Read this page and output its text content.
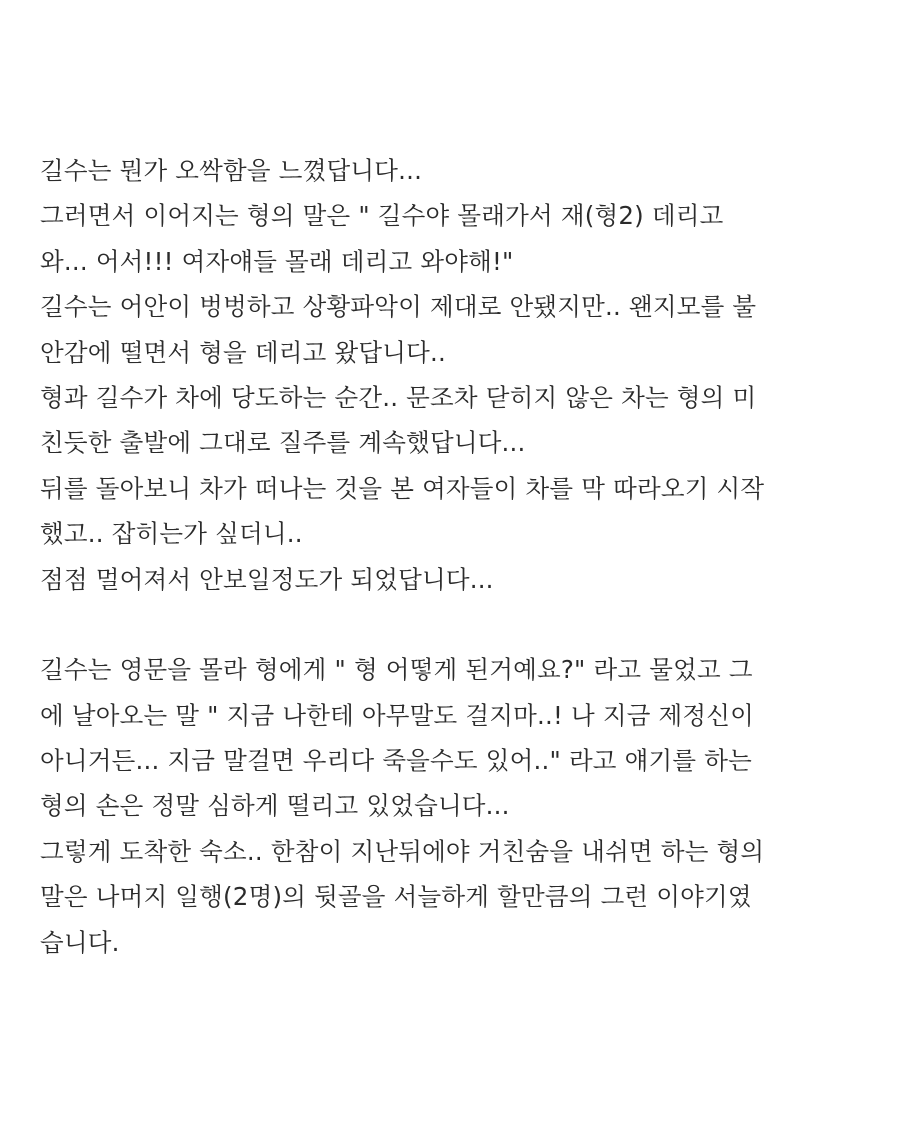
길수는 뭔가 오싹함을 느꼈답니다...
그러면서 이어지는 형의 말은 " 길수야 몰래가서 재(형2) 데리고
와... 어서!!! 여자얘들 몰래 데리고 와야해!"
길수는 어안이 벙벙하고 상황파악이 제대로 안됐지만.. 왠지모를 불
안감에 떨면서 형을 데리고 왔답니다..
형과 길수가 차에 당도하는 순간.. 문조차 닫히지 않은 차는 형의 미
친듯한 출발에 그대로 질주를 계속했답니다...
뒤를 돌아보니 차가 떠나는 것을 본 여자들이 차를 막 따라오기 시작
했고.. 잡히는가 싶더니..
점점 멀어져서 안보일정도가 되었답니다...
길수는 영문을 몰라 형에게 " 형 어떻게 된거예요?" 라고 물었고 그
에 날아오는 말 " 지금 나한테 아무말도 걸지마..! 나 지금 제정신이
아니거든... 지금 말걸면 우리다 죽을수도 있어.." 라고 얘기를 하는
형의 손은 정말 심하게 떨리고 있었습니다...
그렇게 도착한 숙소.. 한참이 지난뒤에야 거친숨을 내쉬면 하는 형의
말은 나머지 일행(2명)의 뒷골을 서늘하게 할만큼의 그런 이야기였
습니다.
